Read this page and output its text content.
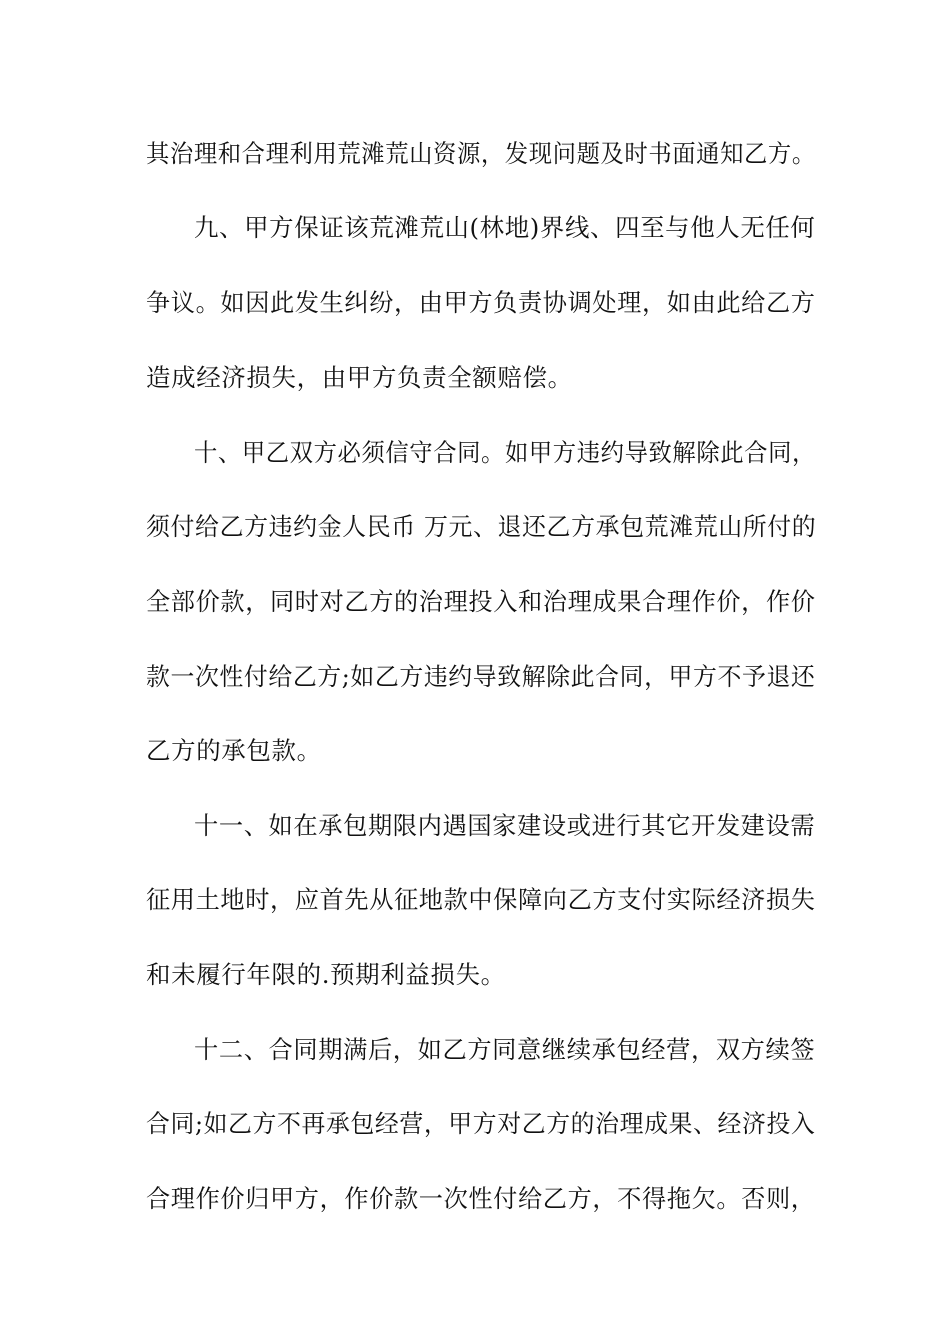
其治理和合理利用荒滩荒山资源，发现问题及时书面通知乙方。
九、甲方保证该荒滩荒山(林地)界线、四至与他人无任何
争议。如因此发生纠纷，由甲方负责协调处理，如由此给乙方
造成经济损失，由甲方负责全额赔偿。
十、甲乙双方必须信守合同。如甲方违约导致解除此合同，
须付给乙方违约金人民币 万元、退还乙方承包荒滩荒山所付的
全部价款，同时对乙方的治理投入和治理成果合理作价，作价
款一次性付给乙方;如乙方违约导致解除此合同，甲方不予退还
乙方的承包款。
十一、如在承包期限内遇国家建设或进行其它开发建设需
征用土地时，应首先从征地款中保障向乙方支付实际经济损失
和未履行年限的.预期利益损失。
十二、合同期满后，如乙方同意继续承包经营，双方续签
合同;如乙方不再承包经营，甲方对乙方的治理成果、经济投入
合理作价归甲方，作价款一次性付给乙方，不得拖欠。否则，
